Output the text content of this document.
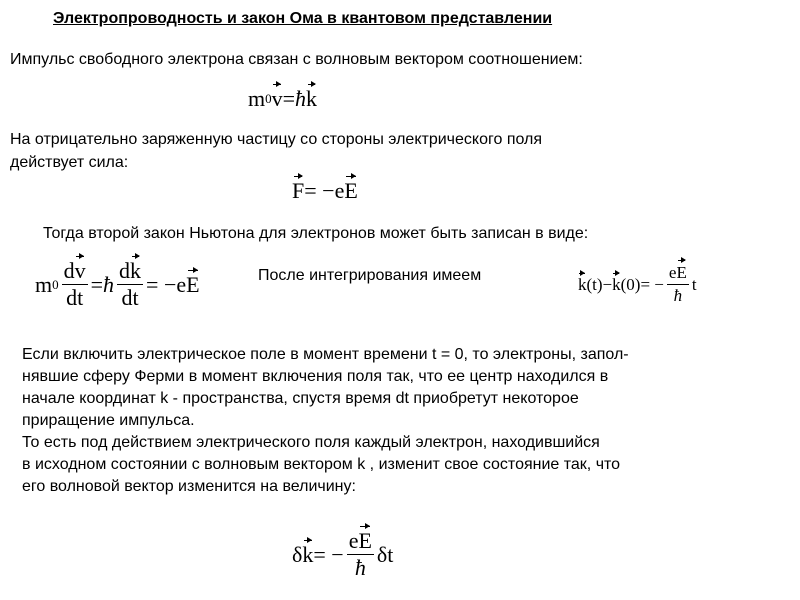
Электропроводность и закон Ома в квантовом представлении
Импульс свободного электрона связан с волновым вектором соотношением:
m 0 v = ħ k
На отрицательно заряженную частицу со стороны электрического поля
действует сила:
F = −e E
Тогда второй закон Ньютона для электронов может быть записан в виде:
m $0 \frac{dv}{dt}$ = ħ $\frac{dk}{dt} = -e$ E	После интегрирования имеем	k (t) − k (0) = − $\frac{eE}{ħ}$ t
Если включить электрическое поле в момент времени t = 0, то электроны, запол-
нявшие сферу Ферми в момент включения поля так, что ее центр находился в
начале координат k - пространства, спустя время dt приобретут некоторое
приращение импульса.
То есть под действием электрического поля каждый электрон, находившийся
в исходном состоянии с волновым вектором k , изменит свое состояние так, что
его волновой вектор изменится на величину:
δ k = − $\frac{eE}{ħ}$ δt
